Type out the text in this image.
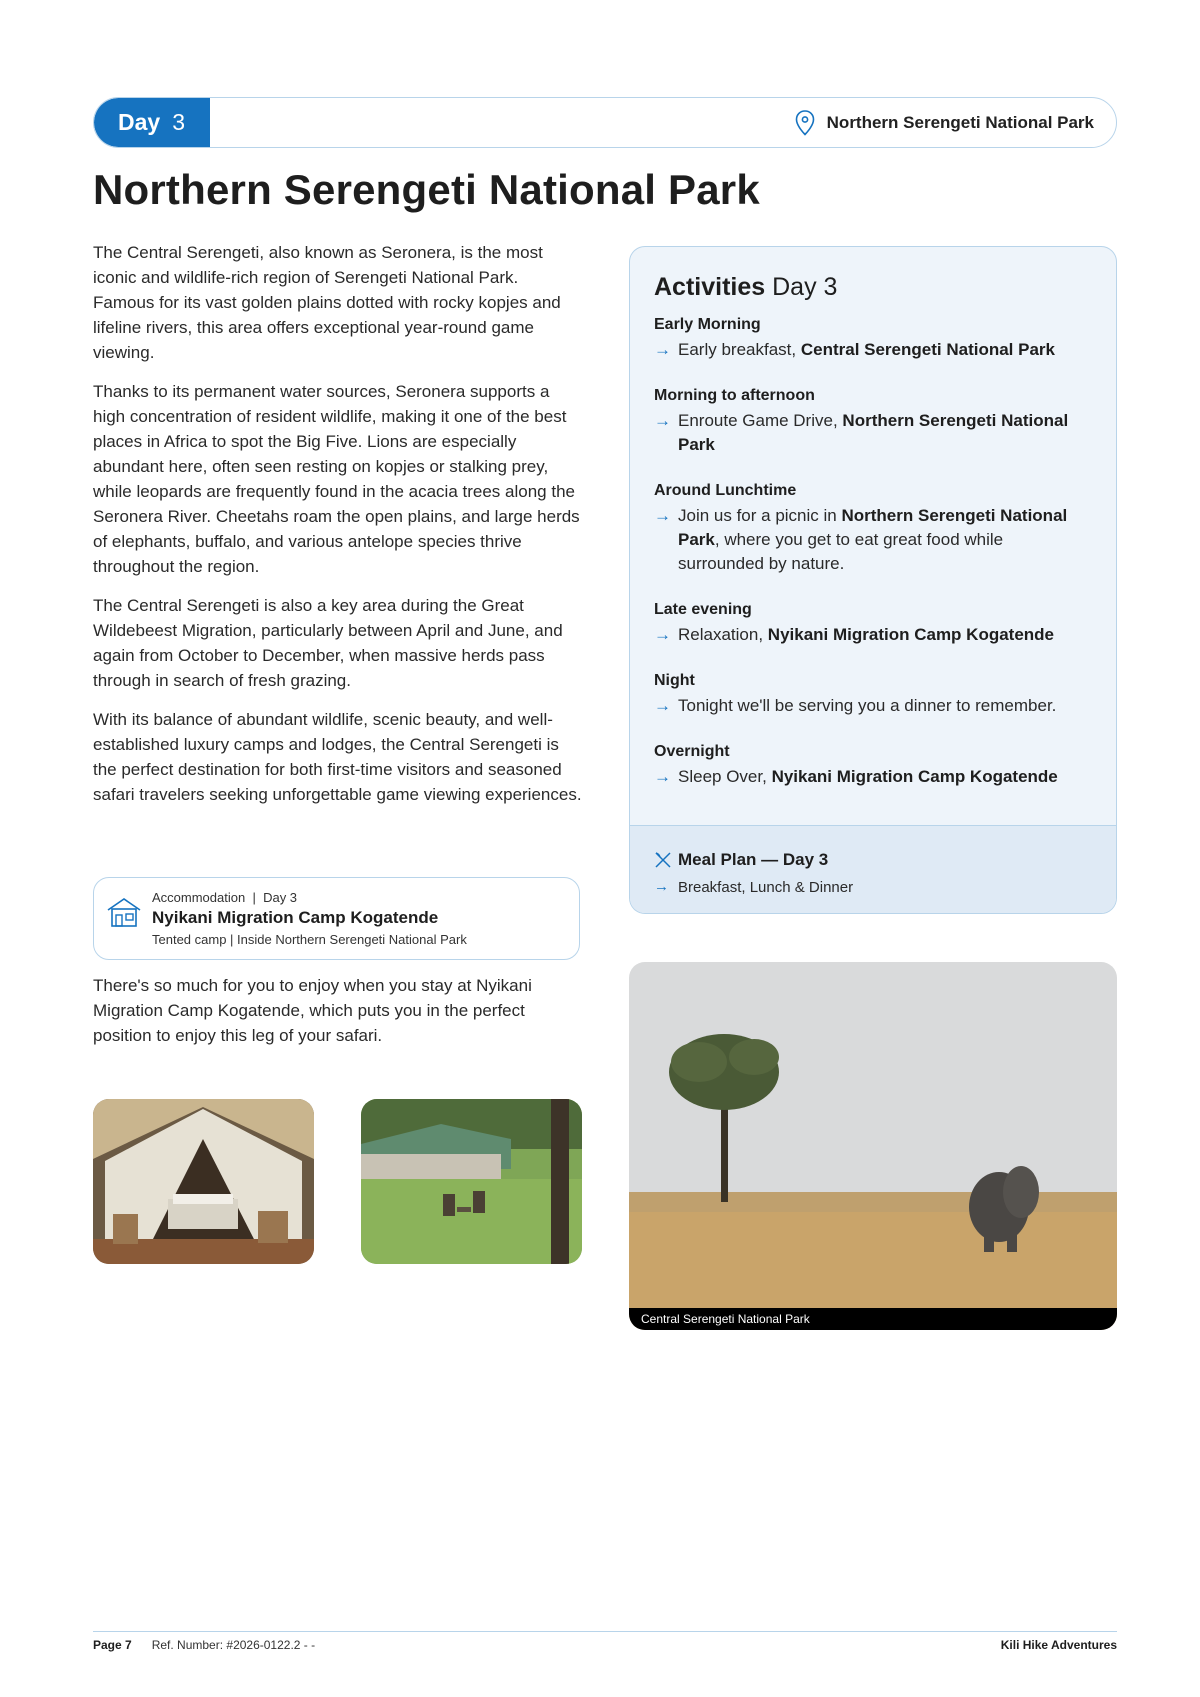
Day 3	Northern Serengeti National Park
Northern Serengeti National Park

The Central Serengeti, also known as Seronera, is the most iconic and wildlife-rich region of Serengeti National Park. Famous for its vast golden plains dotted with rocky kopjes and lifeline rivers, this area offers exceptional year-round game viewing.

Thanks to its permanent water sources, Seronera supports a high concentration of resident wildlife, making it one of the best places in Africa to spot the Big Five. Lions are especially abundant here, often seen resting on kopjes or stalking prey, while leopards are frequently found in the acacia trees along the Seronera River. Cheetahs roam the open plains, and large herds of elephants, buffalo, and various antelope species thrive throughout the region.

The Central Serengeti is also a key area during the Great Wildebeest Migration, particularly between April and June, and again from October to December, when massive herds pass through in search of fresh grazing.

With its balance of abundant wildlife, scenic beauty, and well-established luxury camps and lodges, the Central Serengeti is the perfect destination for both first-time visitors and seasoned safari travelers seeking unforgettable game viewing experiences.

Accommodation | Day 3
Nyikani Migration Camp Kogatende
Tented camp | Inside Northern Serengeti National Park
There's so much for you to enjoy when you stay at Nyikani Migration Camp Kogatende, which puts you in the perfect position to enjoy this leg of your safari.
Activities Day 3
Early Morning
→ Early breakfast, Central Serengeti National Park
Morning to afternoon
→ Enroute Game Drive, Northern Serengeti National Park
Around Lunchtime
→ Join us for a picnic in Northern Serengeti National Park, where you get to eat great food while surrounded by nature.
Late evening
→ Relaxation, Nyikani Migration Camp Kogatende
Night
→ Tonight we'll be serving you a dinner to remember.
Overnight
→ Sleep Over, Nyikani Migration Camp Kogatende
Meal Plan — Day 3
→ Breakfast, Lunch & Dinner
Central Serengeti National Park
Page 7 Ref. Number: #2026-0122.2 - -	Kili Hike Adventures
